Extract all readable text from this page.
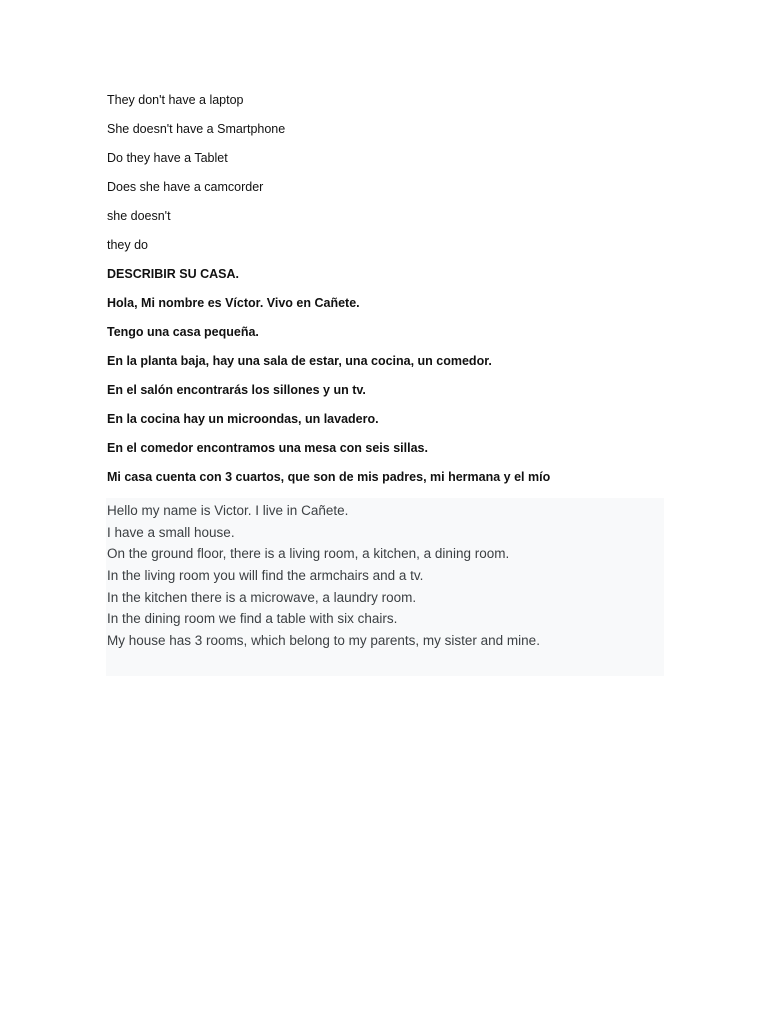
They don't have a laptop
She doesn't have a Smartphone
Do they have a Tablet
Does she have a camcorder
she doesn't
they do
DESCRIBIR SU CASA.
Hola, Mi nombre es Víctor. Vivo en Cañete.
Tengo una casa pequeña.
En la planta baja, hay una sala de estar, una cocina, un comedor.
En el salón encontrarás los sillones y un tv.
En la cocina hay un microondas, un lavadero.
En el comedor encontramos una mesa con seis sillas.
Mi casa cuenta con 3 cuartos, que son de mis padres, mi hermana y el mío
Hello my name is Victor. I live in Cañete.
I have a small house.
On the ground floor, there is a living room, a kitchen, a dining room.
In the living room you will find the armchairs and a tv.
In the kitchen there is a microwave, a laundry room.
In the dining room we find a table with six chairs.
My house has 3 rooms, which belong to my parents, my sister and mine.
